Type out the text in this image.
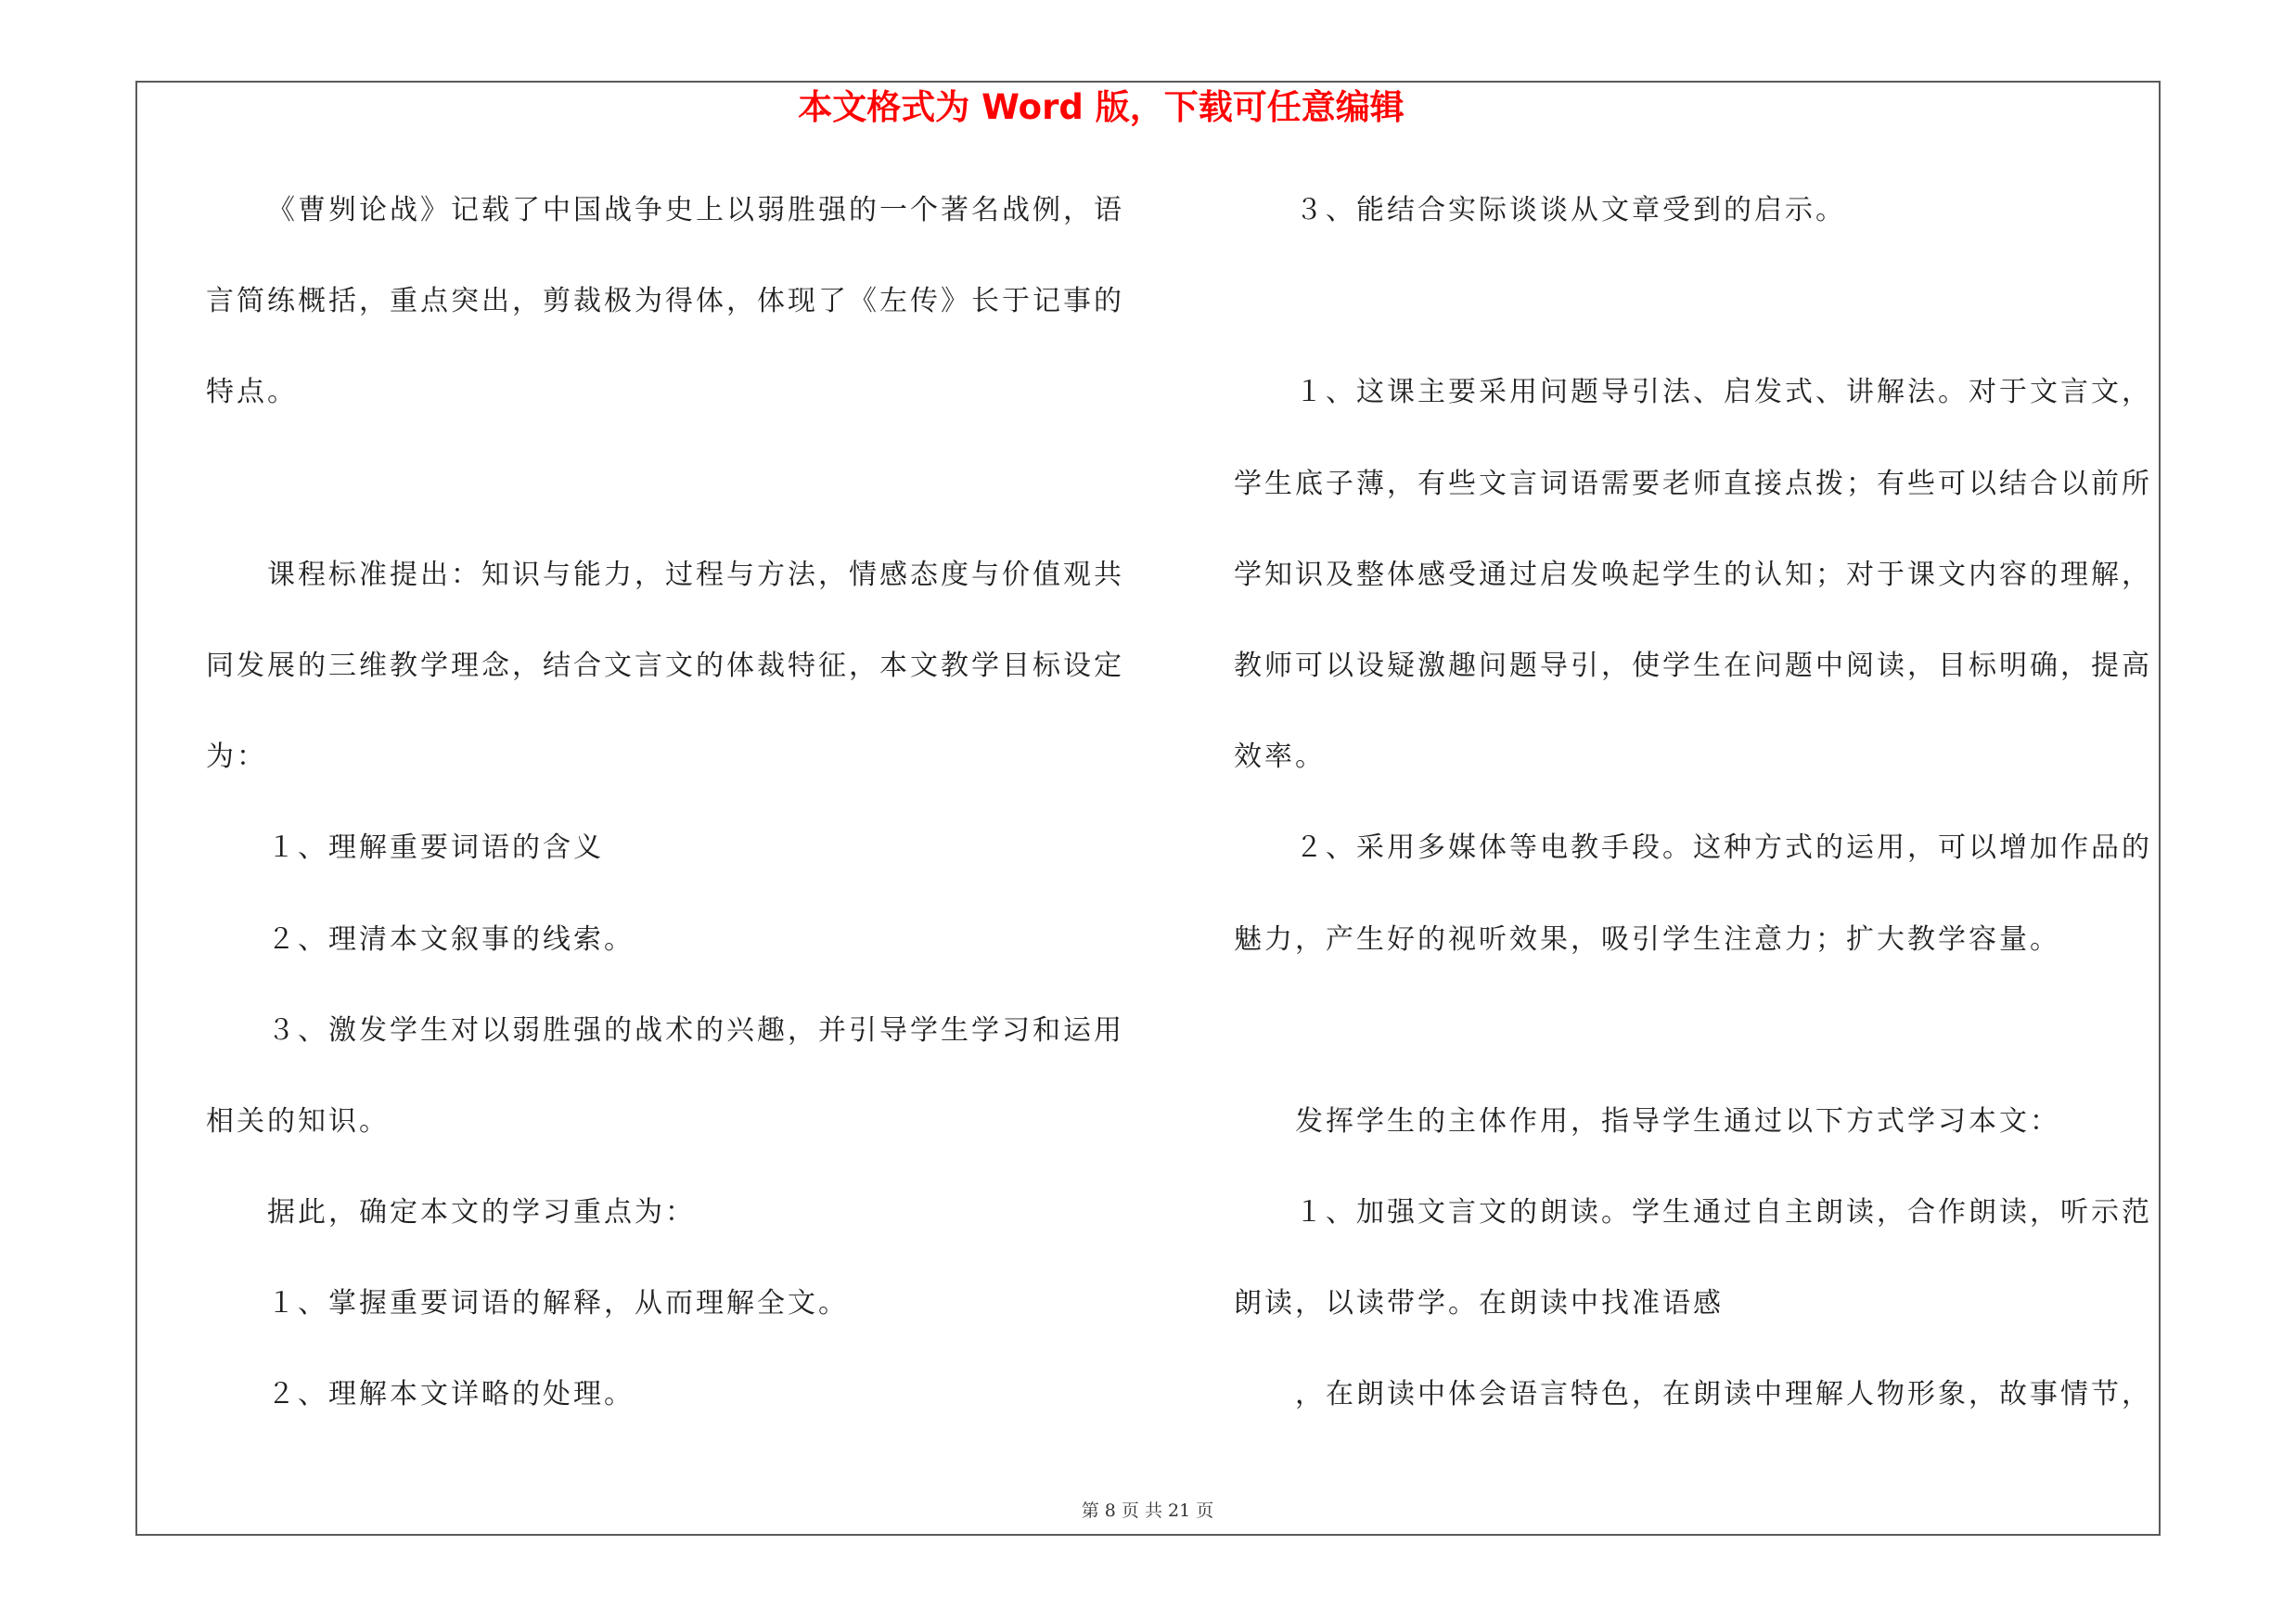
本文格式为 Word 版，下载可任意编辑
《曹刿论战》记载了中国战争史上以弱胜强的一个著名战例，语
言简练概括，重点突出，剪裁极为得体，体现了《左传》长于记事的
特点。
课程标准提出：知识与能力，过程与方法，情感态度与价值观共
同发展的三维教学理念，结合文言文的体裁特征，本文教学目标设定
为：
１、理解重要词语的含义
２、理清本文叙事的线索。
３、激发学生对以弱胜强的战术的兴趣，并引导学生学习和运用
相关的知识。
据此，确定本文的学习重点为：
１、掌握重要词语的解释，从而理解全文。
２、理解本文详略的处理。
３、能结合实际谈谈从文章受到的启示。
１、这课主要采用问题导引法、启发式、讲解法。对于文言文，
学生底子薄，有些文言词语需要老师直接点拨；有些可以结合以前所
学知识及整体感受通过启发唤起学生的认知；对于课文内容的理解，
教师可以设疑激趣问题导引，使学生在问题中阅读，目标明确，提高
效率。
２、采用多媒体等电教手段。这种方式的运用，可以增加作品的
魅力，产生好的视听效果，吸引学生注意力；扩大教学容量。
发挥学生的主体作用，指导学生通过以下方式学习本文：
１、加强文言文的朗读。学生通过自主朗读，合作朗读，听示范
朗读，以读带学。在朗读中找准语感
，在朗读中体会语言特色，在朗读中理解人物形象，故事情节，
第 8 页 共 21 页
